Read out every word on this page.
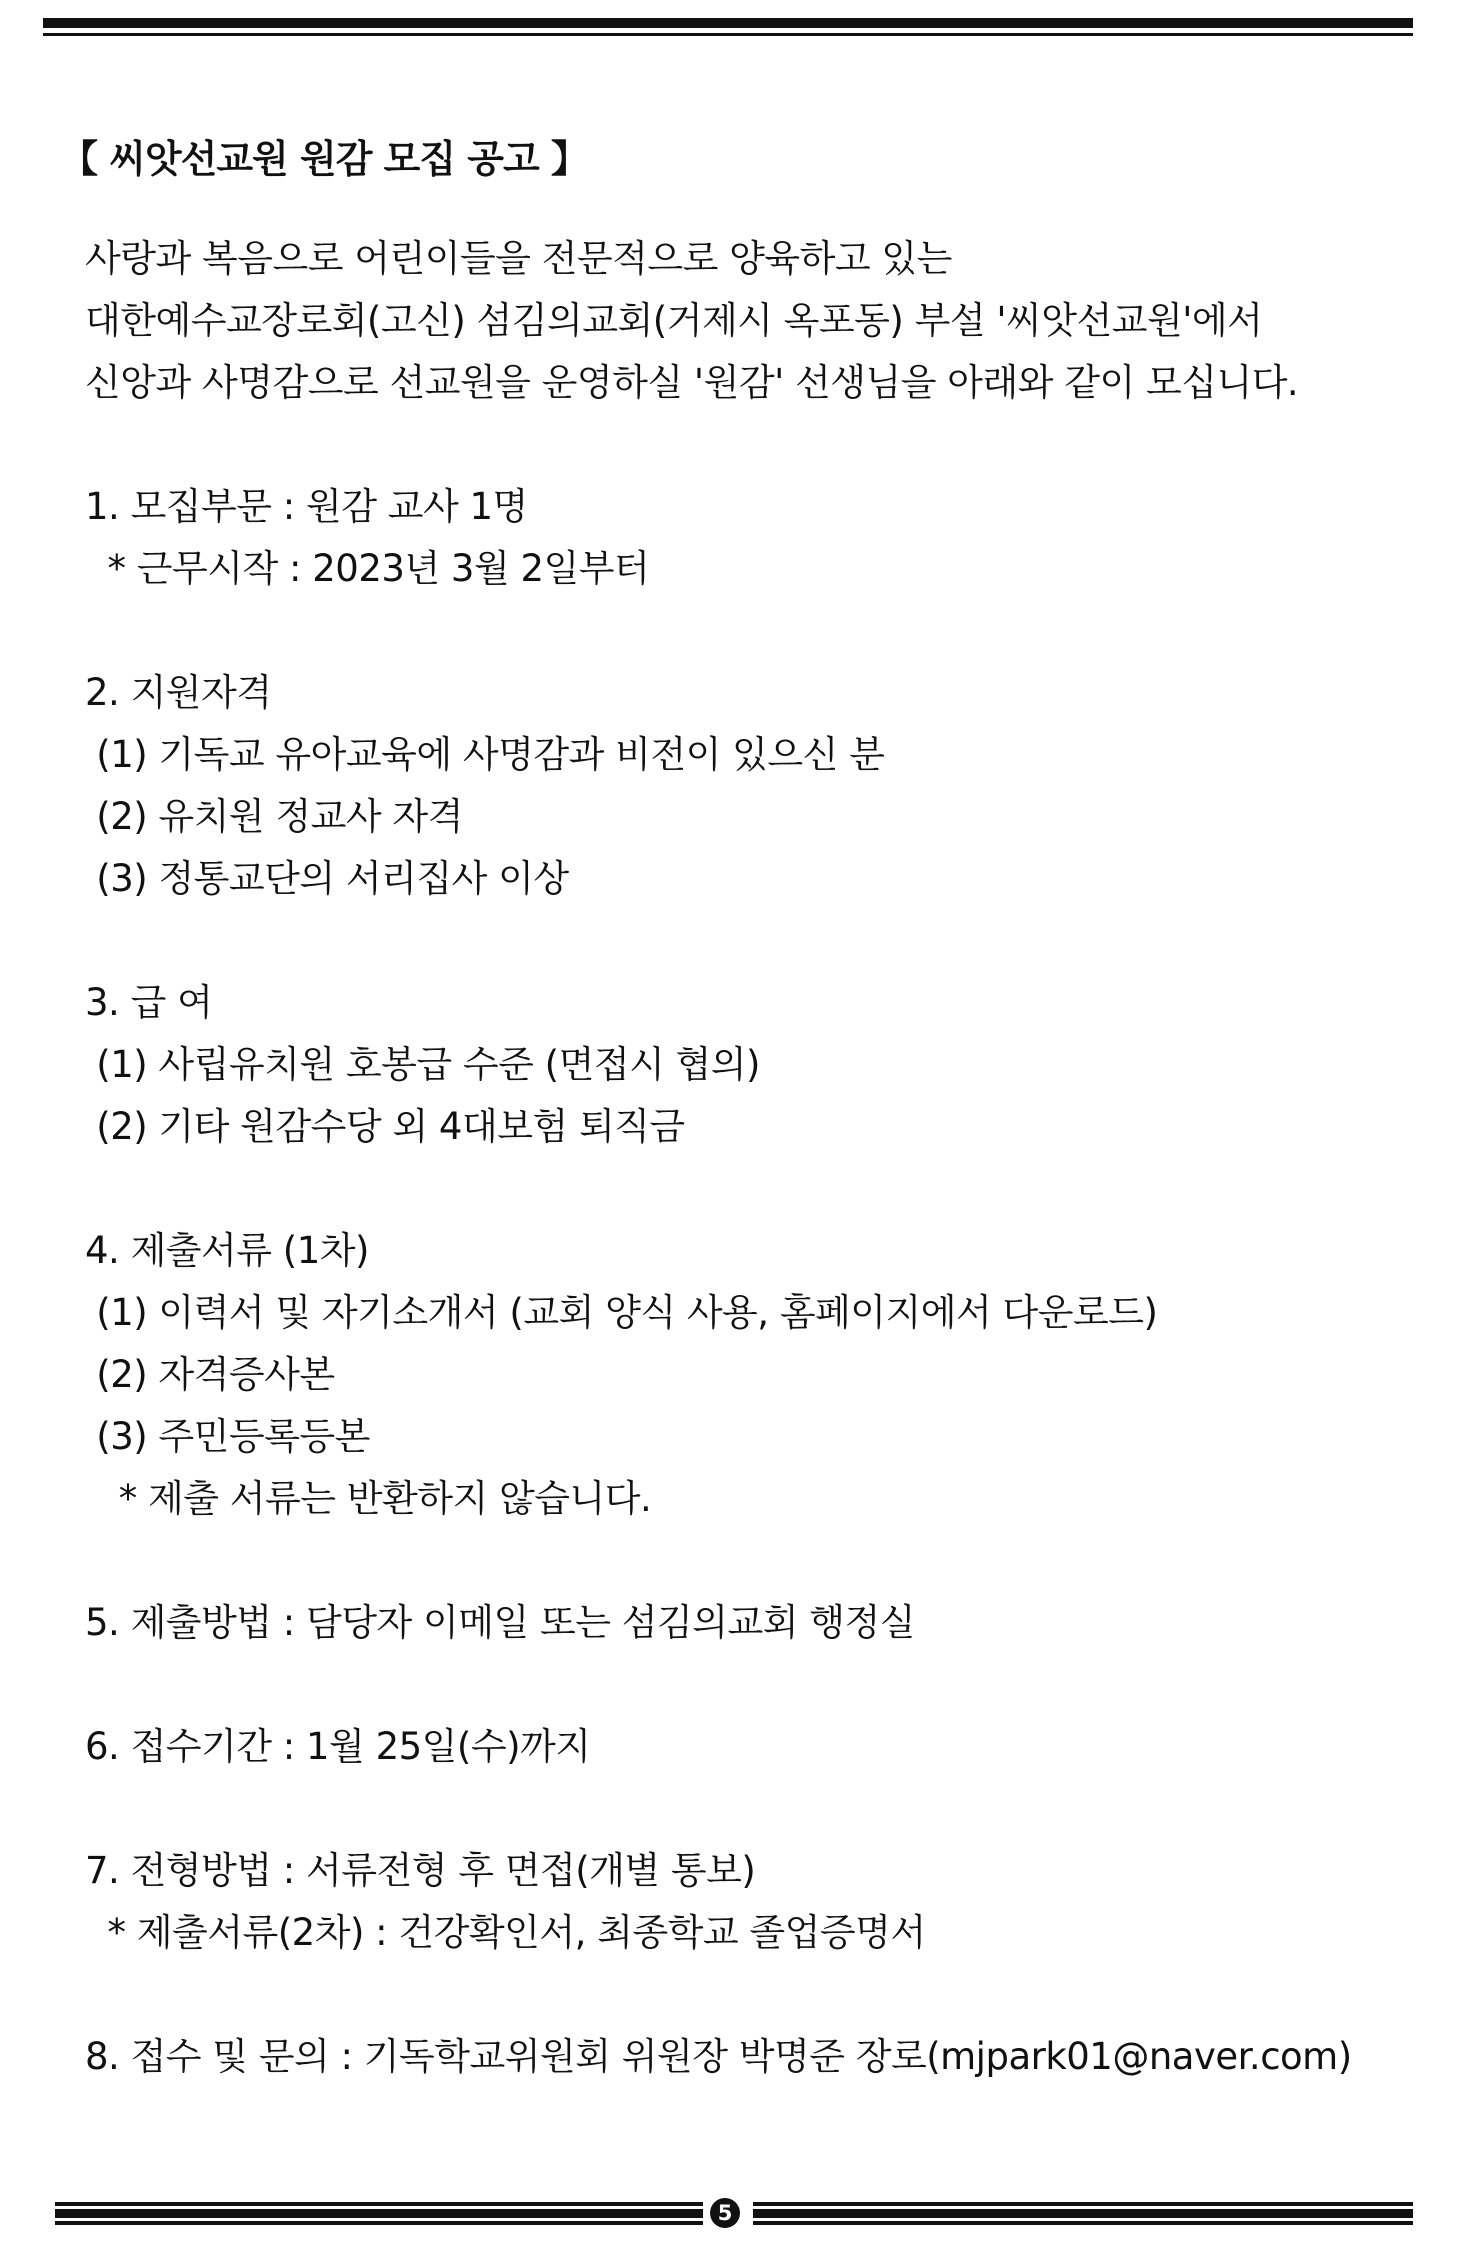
【 씨앗선교원 원감 모집 공고 】
사랑과 복음으로 어린이들을 전문적으로 양육하고 있는
대한예수교장로회(고신) 섬김의교회(거제시 옥포동) 부설 '씨앗선교원'에서
신앙과 사명감으로 선교원을 운영하실 '원감' 선생님을 아래와 같이 모십니다.
1. 모집부문 : 원감 교사 1명
* 근무시작 : 2023년 3월 2일부터
2. 지원자격
(1) 기독교 유아교육에 사명감과 비전이 있으신 분
(2) 유치원 정교사 자격
(3) 정통교단의 서리집사 이상
3. 급 여
(1) 사립유치원 호봉급 수준 (면접시 협의)
(2) 기타 원감수당 외 4대보험 퇴직금
4. 제출서류 (1차)
(1) 이력서 및 자기소개서 (교회 양식 사용, 홈페이지에서 다운로드)
(2) 자격증사본
(3) 주민등록등본
* 제출 서류는 반환하지 않습니다.
5. 제출방법 : 담당자 이메일 또는 섬김의교회 행정실
6. 접수기간 : 1월 25일(수)까지
7. 전형방법 : 서류전형 후 면접(개별 통보)
* 제출서류(2차) : 건강확인서, 최종학교 졸업증명서
8. 접수 및 문의 : 기독학교위원회 위원장 박명준 장로(mjpark01@naver.com)
5
